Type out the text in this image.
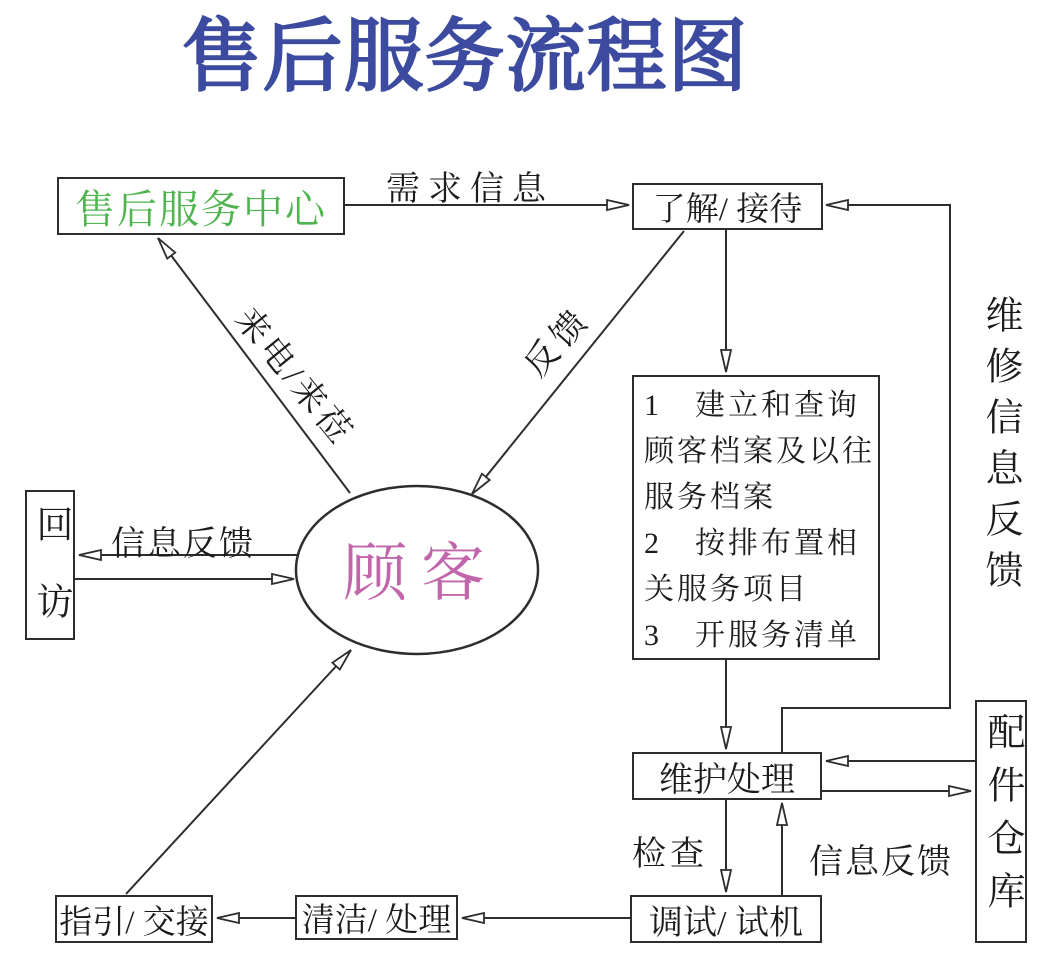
售后服务流程图
售后服务中心	了解/ 接待
1　建立和查询
顾客档案及以往
服务档案
2　按排布置相
关服务项目
3　开服务清单
顾客
回访
维护处理	配件仓库
调试/ 试机
清洁/ 处理
指引/ 交接
需求信息
维修信息反馈
反馈
来电/来莅
信息反馈
检查	信息反馈
